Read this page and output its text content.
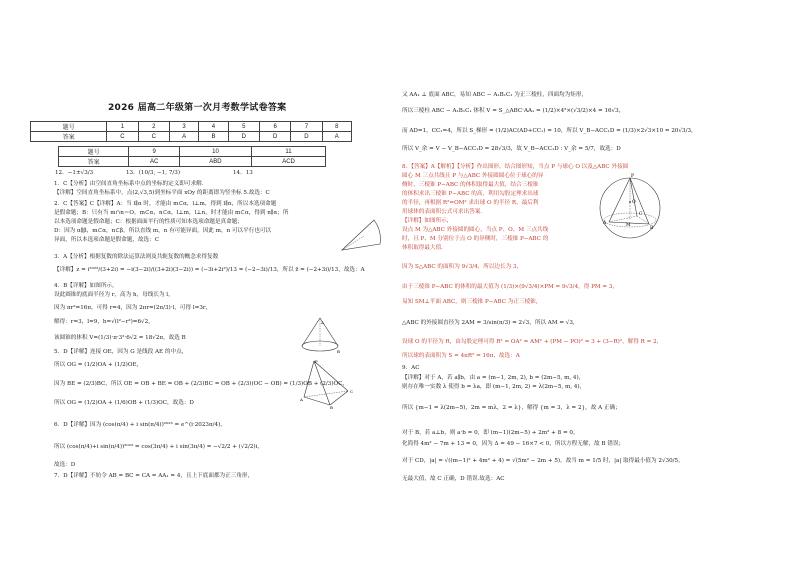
2026 届高二年级第一次月考数学试卷答案
题号	1	2	3	4	5	6	7	8
答案	C	C	A	B	D	D	D	A
题号	9	10	11
答案	AC	ABD	ACD
12．−1±√3/3	13．(10/3, −1, 7/3)	14．13
1．C【分析】由空间直角坐标系中点的坐标的定义即可求解.
【详解】空间直角坐标系中，点(2,√3,5)到坐标平面 xOy 的距离即为竖坐标 5.故选：C
2．C【答案】C【详解】A：当 l∥α 时，才能由 m⊂α，l⊥m，得到 l∥α，所以本选项命题
是假命题；B：只有当 m∩n＝O，m⊂α，n⊂α，l⊥m，l⊥n，时才能由 m⊂α，得到 n∥α；所
以本选项命题是假命题；C：根据面面平行的性质可知本选项命题是真命题；
D：因为 α∥β，m⊂α，n⊂β，所以直线 m，n 有可能异面，因此 m，n 可以平行也可以
异面，所以本选项命题是假命题，故选：C
3．A【分析】根据复数的除法运算法则及共轭复数的概念求得复数
【详解】z = i²⁰²³/(3+2i) = −i(3−2i)/((3+2i)(3−2i)) = (−3i+2i²)/13 = (−2−3i)/13，所以 z̄ = (−2+3i)/13，故选：A
4．B【详解】如图所示，
设此圆锥的底面半径为 r，高为 h，母线长为 l，
因为 πr²=16π，可得 r=4，因为 2πr=(2π/3)·l，可得 l=3r，
解得：r=3，l=9，h=√(l²−r²)=6√2，
该圆锥的体积 V=(1/3)·π·3²·6√2 = 18√2π，故选 B
5．D【详解】连接 OE，因为 G 是线段 AE 的中点，
所以 OG = (1/2)OA + (1/2)OE，
因为 BE = (2/3)BC，所以 OE = OB + BE = OB + (2/3)BC = OB + (2/3)(OC − OB) = (1/3)OB + (2/3)OC，
所以 OG = (1/2)OA + (1/6)OB + (1/3)OC，故选：D
6．D【详解】因为 (cos(π/4) + i sin(π/4))²⁰²³ = e^(i·2023π/4)，
所以 (cos(π/4)+i sin(π/4))²⁰²³ = cos(3π/4) + i sin(3π/4) = −√2/2 + (√2/2)i，
故选：D
7．D【详解】不妨令 AB = BC = CA = AA₁ = 4，且上下底面都为正三角形，
A
B
P
A
B
C
又 AA₁ ⊥ 底面 ABC，易知 ABC − A₁B₁C₁ 为正三棱柱，四面均为矩形，
所以三棱柱 ABC − A₁B₁C₁ 体积 V = S_△ABC·AA₁ = (1/2)×4²×(√3/2)×4 = 16√3，
而 AD=1，CC₁=4，所以 S_梯形 = (1/2)AC(AD+CC₁) = 10，所以 V_B−ACC₁D = (1/3)×2√3×10 = 20√3/3，
所以 V_余 = V − V_B−ACC₁D = 28√3/3，故 V_B−ACC₁D : V_余 = 5/7，故选：D
8．【答案】A【解析】【分析】作出图形，结合图形知，当点 P 与球心 O 以及△ABC 外接圆
圆心 M 三点共线且 P 与△ABC 外接圆圆心位于球心的异
侧时，三棱锥 P−ABC 的体积取得最大值，结合三棱锥
的体积求出三棱锥 P−ABC 的高，利用勾股定理求出球
的半径，再根据 R²=OM² 求出球 O 的半径 R，最后利
用球体的表面积公式可求出答案.
【详解】如图所示，
设点 M 为△ABC 外接圆的圆心，当点 P、O、M 三点共线
时，且 P、M 分别位于点 O 的异侧时，三棱锥 P−ABC 的
体积取得最大值.
因为 S△ABC 的面积为 9√3/4，所以边长为 3，
由于三棱锥 P−ABC 的体积的最大值为 (1/3)×(9√3/4)×PM = 9√3/4，得 PM = 3，
易知 SM⊥平面 ABC，则三棱锥 P−ABC 为正三棱锥，
△ABC 的外接圆直径为 2AM = 3/sin(π/3) = 2√3，所以 AM = √3，
设球 O 的半径为 R，由勾股定理可得 R² = OA² = AM² + (PM − PO)² = 3 + (3−R)²，解得 R = 2，
所以球的表面积为 S = 4πR² = 16π，故选：A
9．AC
【详解】对于 A，若 a∥b，由 a = (m−1, 2m, 2), b = (2m−5, m, 4)，
则存在唯一实数 λ 使得 b = λa，即 (m−1, 2m, 2) = λ(2m−5, m, 4)，
所以 {m−1 = λ(2m−5)，2m = mλ，2 = λ}，解得 {m = 3，λ = 2}，故 A 正确；
对于 B，若 a⊥b，则 a·b = 0，即 (m−1)(2m−5) + 2m² + 8 = 0，
化简得 4m² − 7m + 13 = 0，因为 Δ = 49 − 16×7 < 0，所以方程无解，故 B 错误；
对于 CD，|a| = √((m−1)² + 4m² + 4) = √(5m² − 2m + 5)，故当 m = 1/5 时，|a| 取得最小值为 2√30/5，
无最大值，故 C 正确，D 错误.故选：AC
P
O
A
B
C
M
